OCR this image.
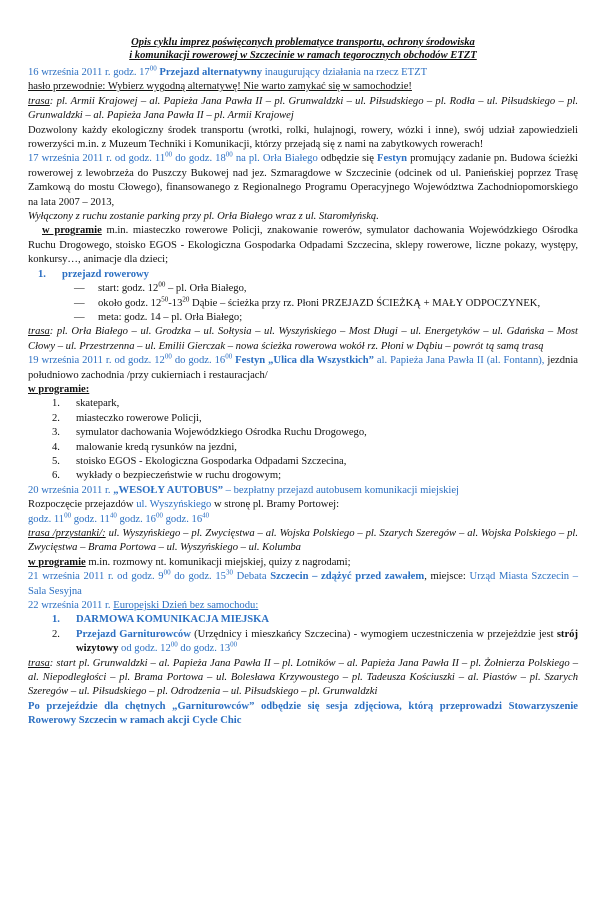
Opis cyklu imprez poświęconych problematyce transportu, ochrony środowiska
i komunikacji rowerowej w Szczecinie w ramach tegorocznych obchodów ETZT

16 września 2011 r. godz. $17^{00}$ Przejazd alternatywny inaugurujący działania na rzecz ETZT

hasło przewodnie: Wybierz wygodną alternatywę! Nie warto zamykać się w samochodzie!

trasa: pl. Armii Krajowej – al. Papieża Jana Pawła II – pl. Grunwaldzki – ul. Piłsudskiego – pl. Rodła – ul. Piłsudskiego – pl. Grunwaldzki – al. Papieża Jana Pawła II – pl. Armii Krajowej

Dozwolony każdy ekologiczny środek transportu (wrotki, rolki, hulajnogi, rowery, wózki i inne), swój udział zapowiedzieli rowerzyści m.in. z Muzeum Techniki i Komunikacji, którzy przejadą się z nami na zabytkowych rowerach!

17 września 2011 r. od godz. $11^{00}$ do godz. $18^{00}$ na pl. Orła Białego odbędzie się Festyn promujący zadanie pn. Budowa ścieżki rowerowej z lewobrzeża do Puszczy Bukowej nad jez. Szmaragdowe w Szczecinie (odcinek od ul. Panieńskiej poprzez Trasę Zamkową do mostu Cłowego), finansowanego z Regionalnego Programu Operacyjnego Województwa Zachodniopomorskiego na lata 2007 – 2013,

Wyłączony z ruchu zostanie parking przy pl. Orła Białego wraz z ul. Staromłyńską.

w programie m.in. miasteczko rowerowe Policji, znakowanie rowerów, symulator dachowania Wojewódzkiego Ośrodka Ruchu Drogowego, stoisko EGOS - Ekologiczna Gospodarka Odpadami Szczecina, sklepy rowerowe, liczne pokazy, występy, konkursy…, animacje dla dzieci;

1.	przejazd rowerowy
— start: godz. $12^{00}$ – pl. Orła Białego,
— około godz. $12^{50}-13^{20}$ Dąbie – ścieżka przy rz. Płoni PRZEJAZD ŚCIEŻKĄ + MAŁY ODPOCZYNEK,
— meta: godz. 14 – pl. Orła Białego;

trasa: pl. Orła Białego – ul. Grodzka – ul. Sołtysia – ul. Wyszyńskiego – Most Długi – ul. Energetyków – ul. Gdańska – Most Cłowy – ul. Przestrzenna – ul. Emilii Gierczak – nowa ścieżka rowerowa wokół rz. Płoni w Dąbiu – powrót tą samą trasą

19 września 2011 r. od godz. $12^{00}$ do godz. $16^{00}$ Festyn „Ulica dla Wszystkich” al. Papieża Jana Pawła II (al. Fontann), jezdnia południowo zachodnia /przy cukierniach i restauracjach/

w programie:

1.	skatepark,
2.	miasteczko rowerowe Policji,
3.	symulator dachowania Wojewódzkiego Ośrodka Ruchu Drogowego,
4.	malowanie kredą rysunków na jezdni,
5.	stoisko EGOS - Ekologiczna Gospodarka Odpadami Szczecina,
6.	wykłady o bezpieczeństwie w ruchu drogowym;

20 września 2011 r. „WESOŁY AUTOBUS” – bezpłatny przejazd autobusem komunikacji miejskiej

Rozpoczęcie przejazdów ul. Wyszyńskiego w stronę pl. Bramy Portowej:

godz. $11^{00}$ godz. $11^{40}$ godz. $16^{00}$ godz. $16^{40}$

trasa /przystanki/: ul. Wyszyńskiego – pl. Zwycięstwa – al. Wojska Polskiego – pl. Szarych Szeregów – al. Wojska Polskiego – pl. Zwycięstwa – Brama Portowa – ul. Wyszyńskiego – ul. Kolumba

w programie m.in. rozmowy nt. komunikacji miejskiej, quizy z nagrodami;

21 września 2011 r. od godz. $9^{00}$ do godz. $15^{30}$ Debata Szczecin – zdążyć przed zawałem, miejsce: Urząd Miasta Szczecin – Sala Sesyjna

22 września 2011 r. Europejski Dzień bez samochodu:

1.	DARMOWA KOMUNIKACJA MIEJSKA
2.	Przejazd Garniturowców (Urzędnicy i mieszkańcy Szczecina) - wymogiem uczestniczenia w przejeździe jest strój wizytowy od godz. $12^{00}$ do godz. $13^{00}$

trasa: start pl. Grunwaldzki – al. Papieża Jana Pawła II – pl. Lotników – al. Papieża Jana Pawła II – pl. Żołnierza Polskiego – al. Niepodległości – pl. Brama Portowa – ul. Bolesława Krzywoustego – pl. Tadeusza Kościuszki – al. Piastów – pl. Szarych Szeregów – ul. Piłsudskiego – pl. Odrodzenia – ul. Piłsudskiego – pl. Grunwaldzki

Po przejeździe dla chętnych „Garniturowców” odbędzie się sesja zdjęciowa, którą przeprowadzi Stowarzyszenie Rowerowy Szczecin w ramach akcji Cycle Chic
